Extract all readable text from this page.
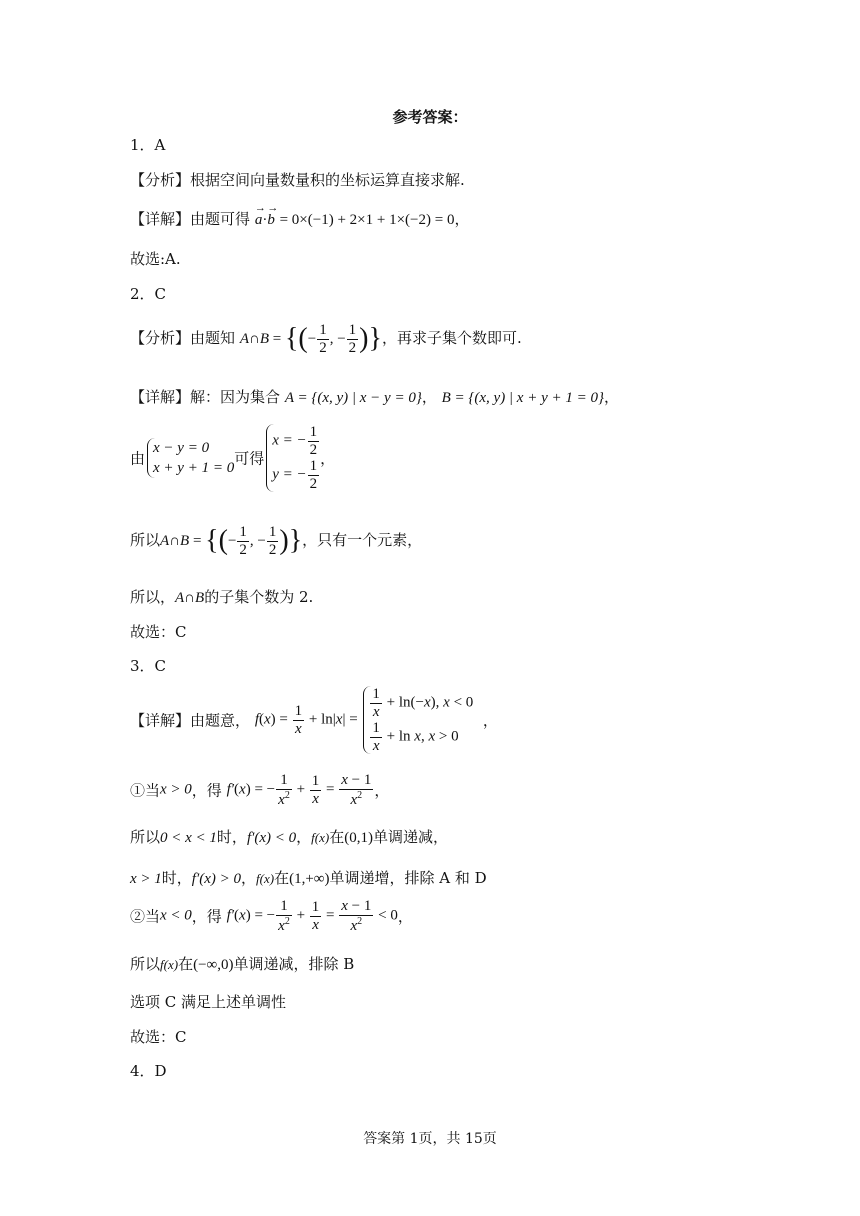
参考答案：
1．A
【分析】根据空间向量数量积的坐标运算直接求解.
【详解】由题可得 a
→
·b
→
= 0×(−1) + 2×1 + 1×(−2) = 0，
故选:A.
2．C
【分析】由题知 A∩B = {(− $\frac{1}{2}$ , − $\frac{1}{2}$ )}，再求子集个数即可.
【详解】解：因为集合 A = {(x, y) | x − y = 0}， B = {(x, y) | x + y + 1 = 0}，
由
x − y = 0
x + y + 1 = 0
可得
x = − $\frac{1}{2}$
y = − $\frac{1}{2}$ ，
所以A∩B = {(− $\frac{1}{2}$ , − $\frac{1}{2}$ )}，只有一个元素，
所以，A∩B的子集个数为 2.
故选：C
3．C
【详解】由题意， $f(x) = \frac{1}{x} + \ln|x| = \frac{1}{x} + \ln(-x)$, x < 0
$\frac{1}{x} + \ln x$, x > 0
，
①当x > 0，得 f′(x) = − $\frac{1}{x^2} + \frac{1}{x} = \frac{x - 1}{x^2}$ ，
所以0 < x < 1时，f′(x) < 0，f(x)在(0,1)单调递减，
x > 1时，f′(x) > 0，f(x)在(1,+∞)单调递增，排除 A 和 D
②当x < 0，得 f′(x) = − $\frac{1}{x^2} + \frac{1}{x} = \frac{x - 1}{x^2} < 0$，
所以f(x)在(−∞,0)单调递减，排除 B
选项 C 满足上述单调性
故选：C
4．D
答案第 1页，共 15页
